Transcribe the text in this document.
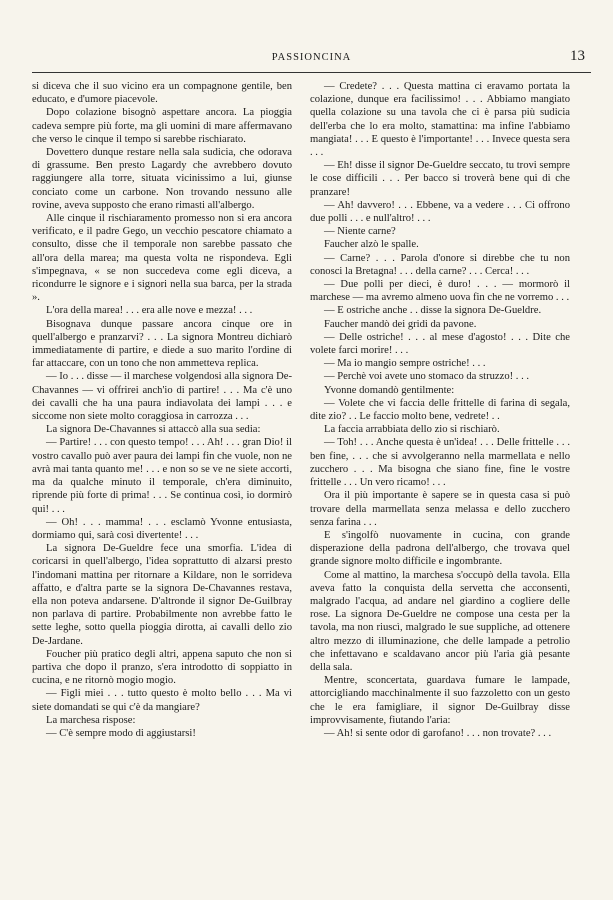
PASSIONCINA	13

si diceva che il suo vicino era un compagnone gentile, ben educato, e d'umore piacevole.

Dopo colazione bisognò aspettare ancora. La pioggia cadeva sempre più forte, ma gli uomini di mare affermavano che verso le cinque il tempo si sarebbe rischiarato.

Dovettero dunque restare nella sala sudicia, che odorava di grassume. Ben presto Lagardy che avrebbero dovuto raggiungere alla torre, situata vicinissimo a lui, giunse conciato come un carbone. Non trovando nessuno alle rovine, aveva supposto che erano rimasti all'albergo.

Alle cinque il rischiaramento promesso non si era ancora verificato, e il padre Gego, un vecchio pescatore chiamato a consulto, disse che il temporale non sarebbe passato che all'ora della marea; ma questa volta ne rispondeva. Egli s'impegnava, « se non succedeva come egli diceva, a ricondurre le signore e i signori nella sua barca, per la strada ».

L'ora della marea! . . . era alle nove e mezza! . . .

Bisognava dunque passare ancora cinque ore in quell'albergo e pranzarvi? . . . La signora Montreu dichiarò immediatamente di partire, e diede a suo marito l'ordine di far attaccare, con un tono che non ammetteva replica.

— Io . . . disse — il marchese volgendosi alla signora De-Chavannes — vi offrirei anch'io di partire! . . . Ma c'è uno dei cavalli che ha una paura indiavolata dei lampi . . . e siccome non siete molto coraggiosa in carrozza . . .

La signora De-Chavannes si attaccò alla sua sedia:

— Partire! . . . con questo tempo! . . . Ah! . . . gran Dio! il vostro cavallo può aver paura dei lampi fin che vuole, non ne avrà mai tanta quanto me! . . . e non so se ve ne siete accorti, ma da qualche minuto il temporale, ch'era diminuito, riprende più forte di prima! . . . Se continua così, io dormirò qui! . . .

— Oh! . . . mamma! . . . esclamò Yvonne entusiasta, dormiamo qui, sarà così divertente! . . .

La signora De-Gueldre fece una smorfia. L'idea di coricarsi in quell'albergo, l'idea soprattutto di alzarsi presto l'indomani mattina per ritornare a Kildare, non le sorrideva affatto, e d'altra parte se la signora De-Chavannes restava, ella non poteva andarsene. D'altronde il signor De-Guilbray non parlava di partire. Probabilmente non avrebbe fatto le sette leghe, sotto quella pioggia dirotta, ai cavalli dello zio De-Jardane.

Foucher più pratico degli altri, appena saputo che non si partiva che dopo il pranzo, s'era introdotto di soppiatto in cucina, e ne ritornò mogio mogio.

— Figli miei . . . tutto questo è molto bello . . . Ma vi siete domandati se qui c'è da mangiare?

La marchesa rispose:

— C'è sempre modo di aggiustarsi!

— Credete? . . . Questa mattina ci eravamo portata la colazione, dunque era facilissimo! . . . Abbiamo mangiato quella colazione su una tavola che ci è parsa più sudicia dell'erba che lo era molto, stamattina: ma infine l'abbiamo mangiata! . . . E questo è l'importante! . . . Invece questa sera . . .

— Eh! disse il signor De-Gueldre seccato, tu trovi sempre le cose difficili . . . Per bacco si troverà bene qui di che pranzare!

— Ah! davvero! . . . Ebbene, va a vedere . . . Ci offrono due polli . . . e null'altro! . . .

— Niente carne?

Faucher alzò le spalle.

— Carne? . . . Parola d'onore si direbbe che tu non conosci la Bretagna! . . . della carne? . . . Cerca! . . .

— Due polli per dieci, è duro! . . . — mormorò il marchese — ma avremo almeno uova fin che ne vorremo . . .

— E ostriche anche . . disse la signora De-Gueldre.

Faucher mandò dei gridi da pavone.

— Delle ostriche! . . . al mese d'agosto! . . . Dite che volete farci morire! . . .

— Ma io mangio sempre ostriche! . . .

— Perchè voi avete uno stomaco da struzzo! . . .

Yvonne domandò gentilmente:

— Volete che vi faccia delle frittelle di farina di segala, dite zio? . . Le faccio molto bene, vedrete! . .

La faccia arrabbiata dello zio si rischiarò.

— Toh! . . . Anche questa è un'idea! . . . Delle frittelle . . . ben fine, . . . che si avvolgeranno nella marmellata e nello zucchero . . . Ma bisogna che siano fine, fine le vostre frittelle . . . Un vero ricamo! . . .

Ora il più importante è sapere se in questa casa si può trovare della marmellata senza melassa e dello zucchero senza farina . . .

E s'ingolfò nuovamente in cucina, con grande disperazione della padrona dell'albergo, che trovava quel grande signore molto difficile e ingombrante.

Come al mattino, la marchesa s'occupò della tavola. Ella aveva fatto la conquista della servetta che acconsentì, malgrado l'acqua, ad andare nel giardino a cogliere delle rose. La signora De-Gueldre ne compose una cesta per la tavola, ma non riuscì, malgrado le sue suppliche, ad ottenere altro mezzo di illuminazione, che delle lampade a petrolio che infettavano e scaldavano ancor più l'aria già pesante della sala.

Mentre, sconcertata, guardava fumare le lampade, attorcigliando macchinalmente il suo fazzoletto con un gesto che le era famigliare, il signor De-Guilbray disse improvvisamente, fiutando l'aria:

— Ah! si sente odor di garofano! . . . non trovate? . . .
